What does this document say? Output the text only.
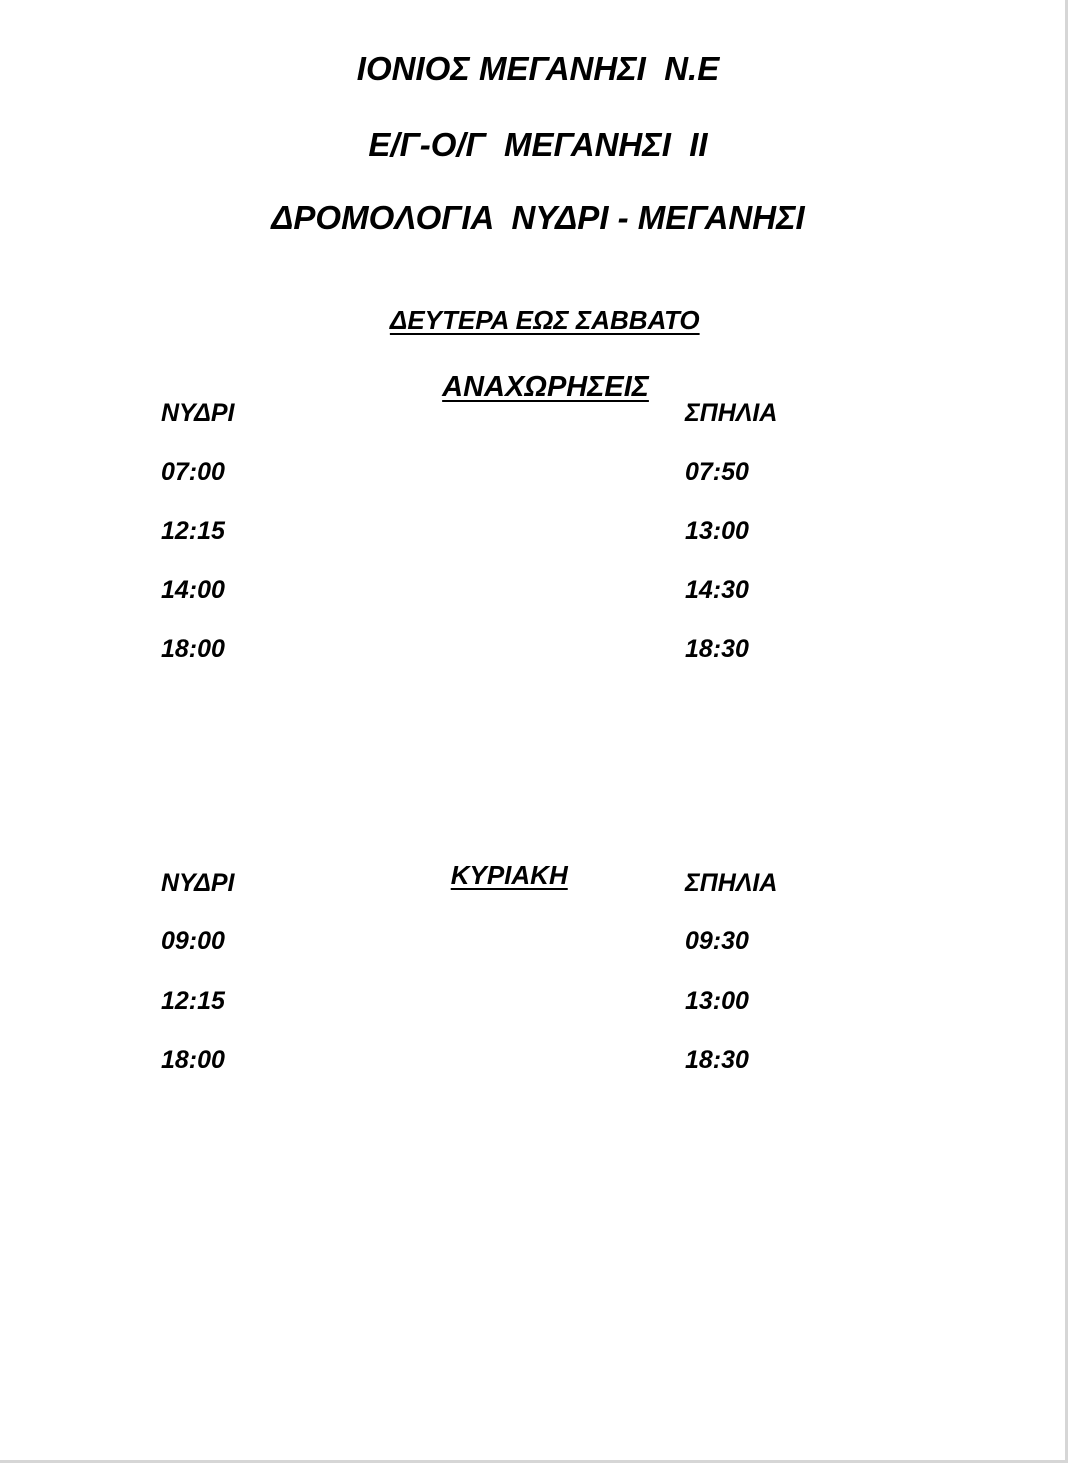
ΙΟΝΙΟΣ ΜΕΓΑΝΗΣΙ  Ν.Ε
Ε/Γ-Ο/Γ  ΜΕΓΑΝΗΣΙ  ΙΙ
ΔΡΟΜΟΛΟΓΙΑ  ΝΥΔΡΙ - ΜΕΓΑΝΗΣΙ

ΔΕΥΤΕΡΑ ΕΩΣ ΣΑΒΒΑΤΟ

ΑΝΑΧΩΡΗΣΕΙΣ

ΝΥΔΡΙ	ΣΠΗΛΙΑ
07:00	07:50
12:15	13:00
14:00	14:30
18:00	18:30

ΚΥΡΙΑΚΗ

ΝΥΔΡΙ	ΣΠΗΛΙΑ
09:00	09:30
12:15	13:00
18:00	18:30
